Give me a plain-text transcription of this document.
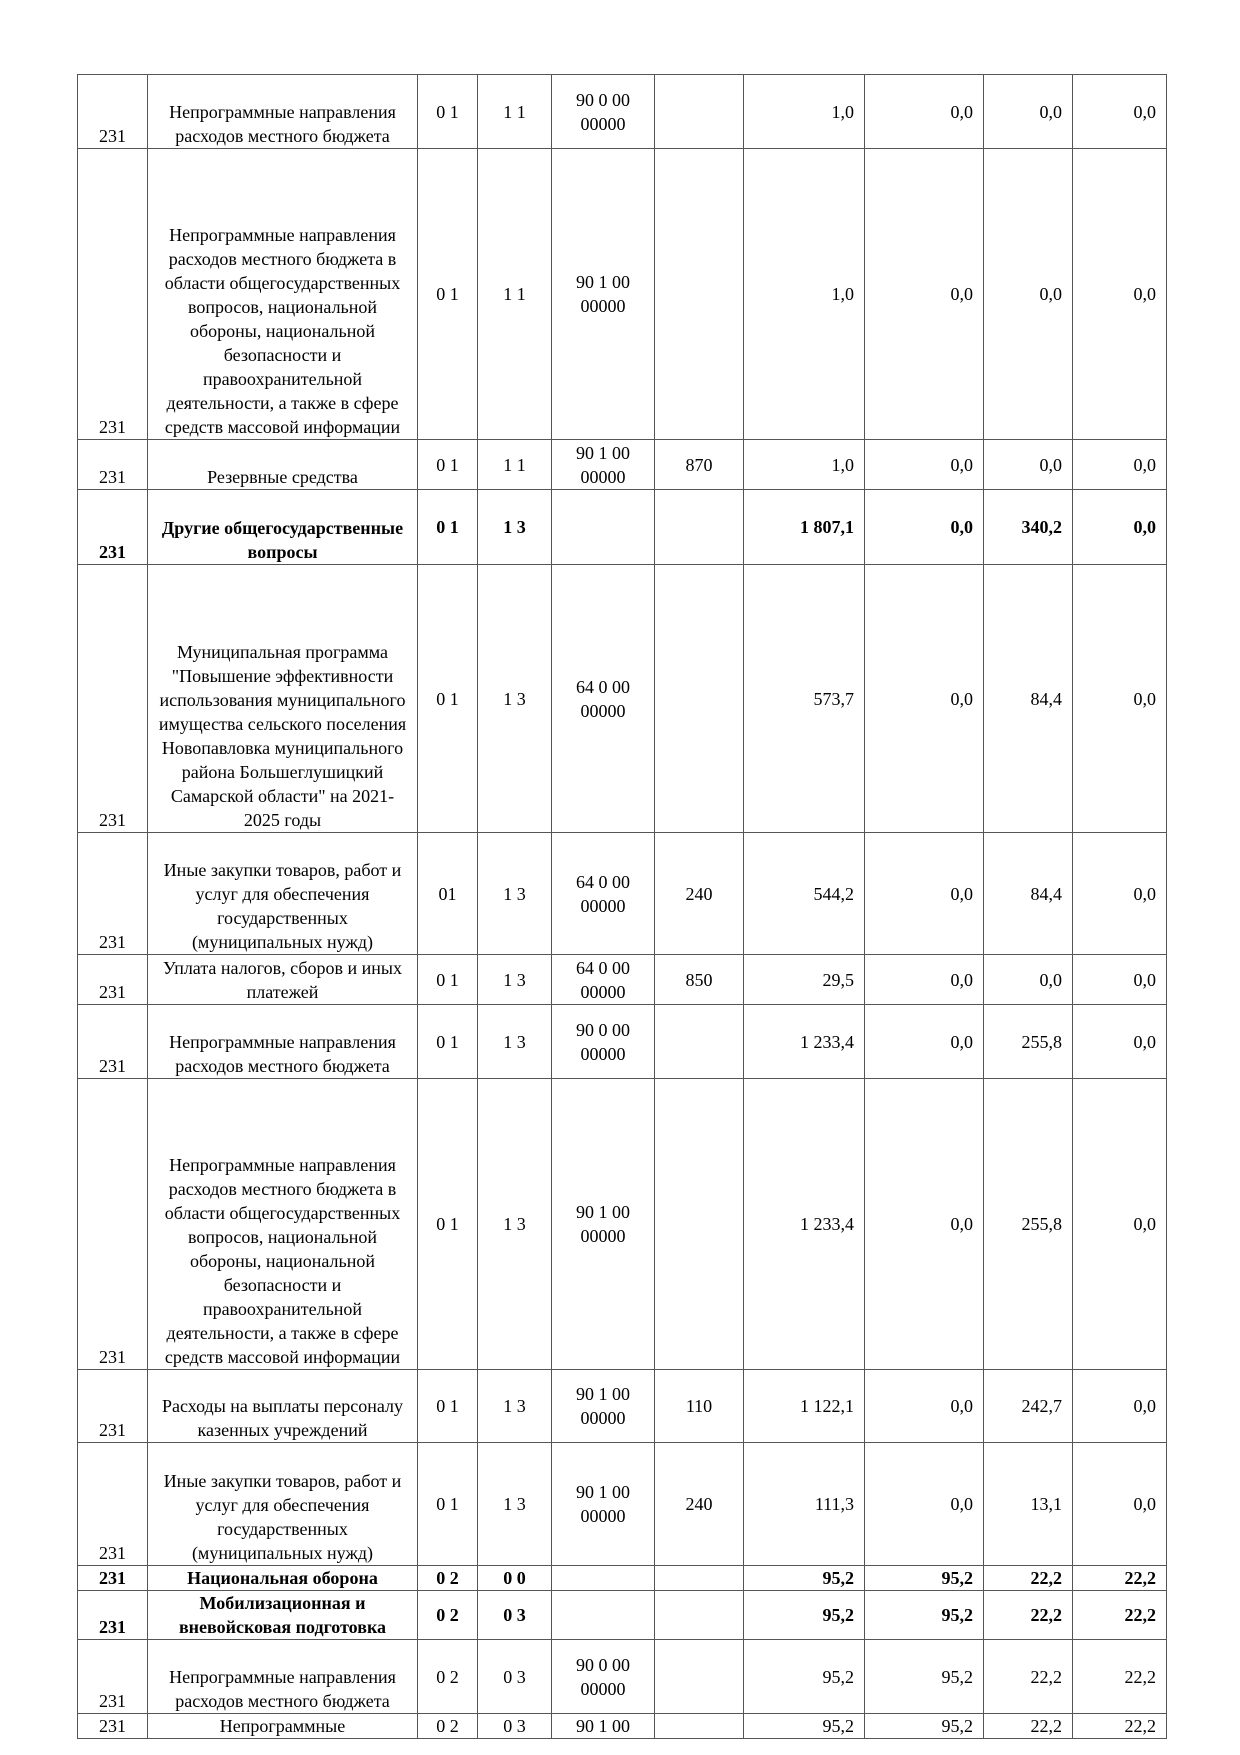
231	Непрограммные направления расходов местного бюджета	0 1	1 1	90 0 00 00000		1,0	0,0	0,0	0,0
231	Непрограммные направления расходов местного бюджета в области общегосударственных вопросов, национальной обороны, национальной безопасности и правоохранительной деятельности, а также в сфере средств массовой информации	0 1	1 1	90 1 00 00000		1,0	0,0	0,0	0,0
231	Резервные средства	0 1	1 1	90 1 00 00000	870	1,0	0,0	0,0	0,0
231	Другие общегосударственные вопросы	0 1	1 3			1 807,1	0,0	340,2	0,0
231	Муниципальная программа "Повышение эффективности использования муниципального имущества сельского поселения Новопавловка муниципального района Большеглушицкий Самарской области" на 2021-2025 годы	0 1	1 3	64 0 00 00000		573,7	0,0	84,4	0,0
231	Иные закупки товаров, работ и услуг для обеспечения государственных (муниципальных нужд)	01	1 3	64 0 00 00000	240	544,2	0,0	84,4	0,0
231	Уплата налогов, сборов и иных платежей	0 1	1 3	64 0 00 00000	850	29,5	0,0	0,0	0,0
231	Непрограммные направления расходов местного бюджета	0 1	1 3	90 0 00 00000		1 233,4	0,0	255,8	0,0
231	Непрограммные направления расходов местного бюджета в области общегосударственных вопросов, национальной обороны, национальной безопасности и правоохранительной деятельности, а также в сфере средств массовой информации	0 1	1 3	90 1 00 00000		1 233,4	0,0	255,8	0,0
231	Расходы на выплаты персоналу казенных учреждений	0 1	1 3	90 1 00 00000	110	1 122,1	0,0	242,7	0,0
231	Иные закупки товаров, работ и услуг для обеспечения государственных (муниципальных нужд)	0 1	1 3	90 1 00 00000	240	111,3	0,0	13,1	0,0
231	Национальная оборона	0 2	0 0			95,2	95,2	22,2	22,2
231	Мобилизационная и вневойсковая подготовка	0 2	0 3			95,2	95,2	22,2	22,2
231	Непрограммные направления расходов местного бюджета	0 2	0 3	90 0 00 00000		95,2	95,2	22,2	22,2
231	Непрограммные	0 2	0 3	90 1 00		95,2	95,2	22,2	22,2
